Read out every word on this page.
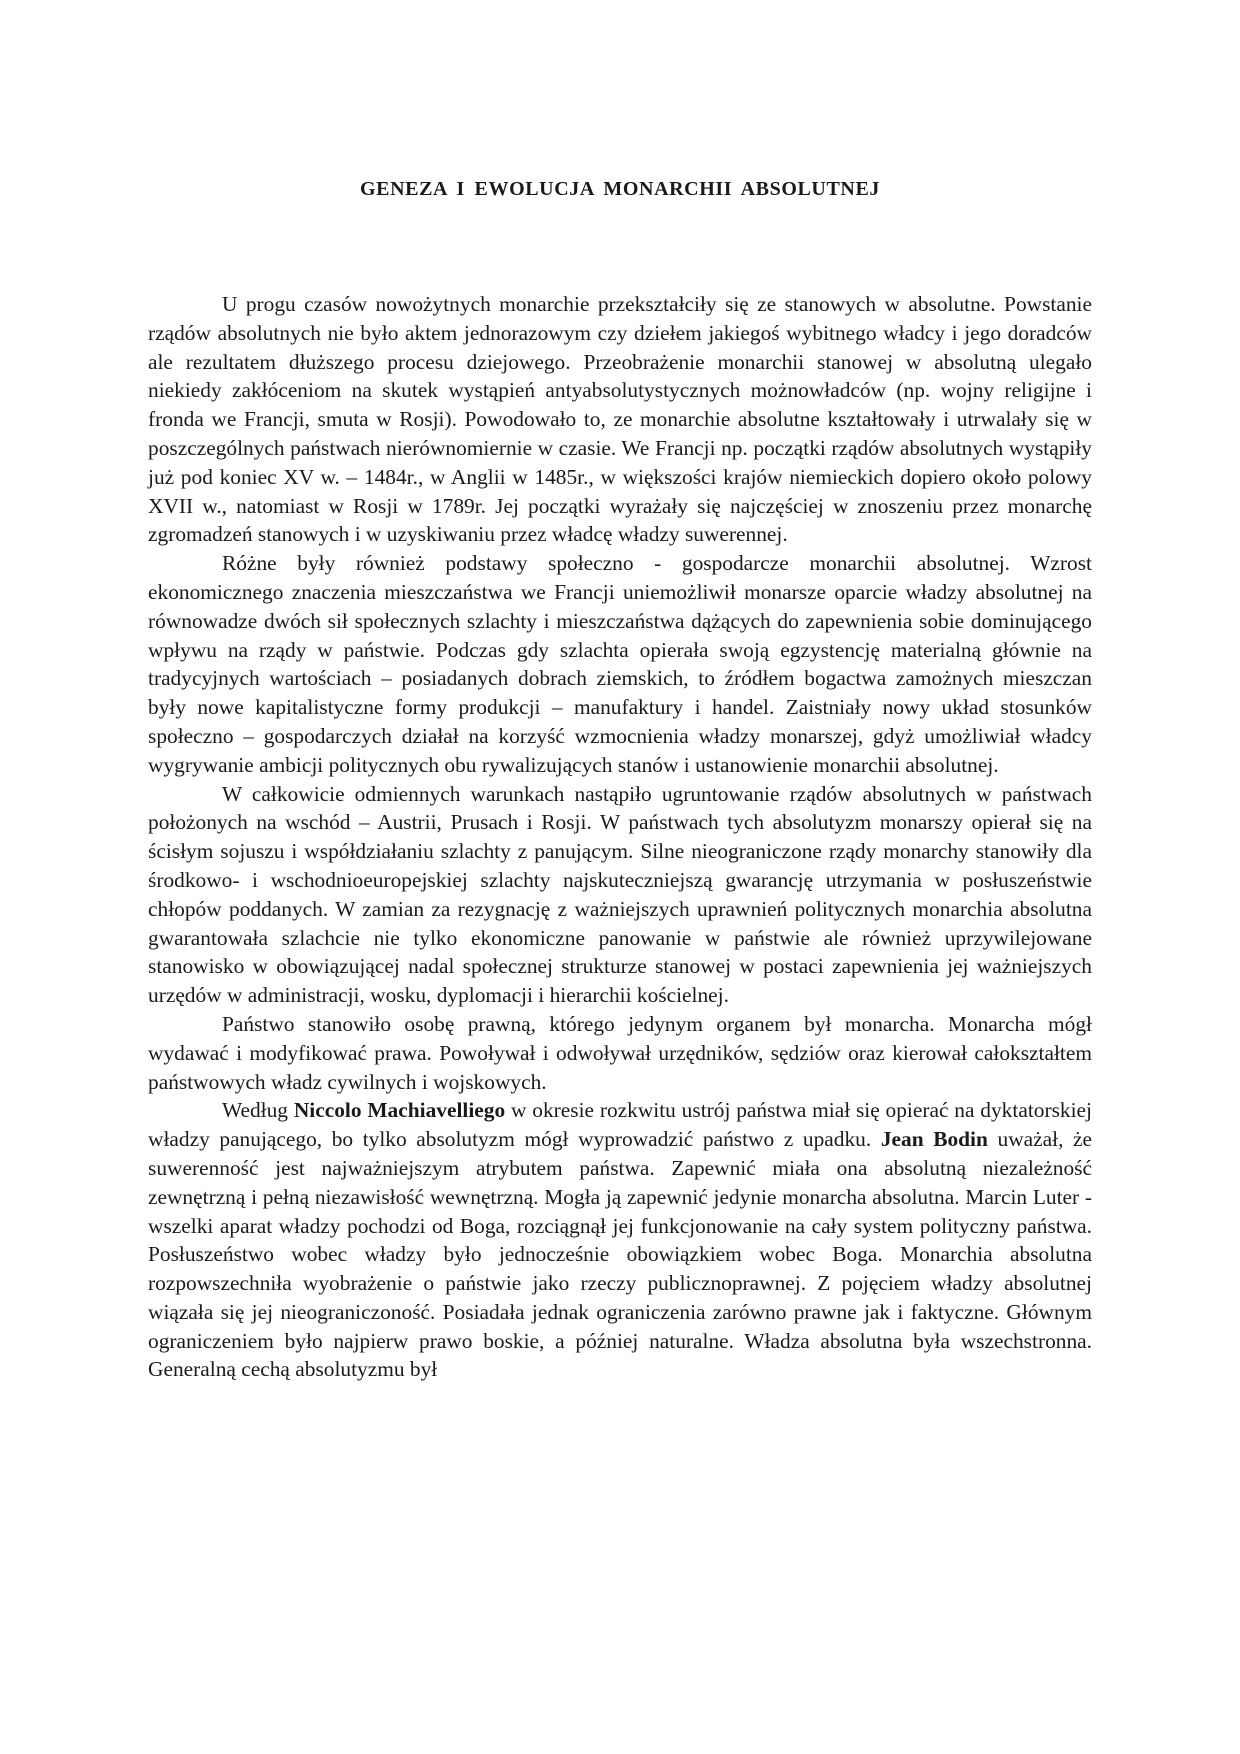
GENEZA I EWOLUCJA MONARCHII ABSOLUTNEJ

U progu czasów nowożytnych monarchie przekształciły się ze stanowych w absolutne. Powstanie rządów absolutnych nie było aktem jednorazowym czy dziełem jakiegoś wybitnego władcy i jego doradców ale rezultatem dłuższego procesu dziejowego. Przeobrażenie monarchii stanowej w absolutną ulegało niekiedy zakłóceniom na skutek wystąpień antyabsolutystycznych możnowładców (np. wojny religijne i fronda we Francji, smuta w Rosji). Powodowało to, ze monarchie absolutne kształtowały i utrwalały się w poszczególnych państwach nierównomiernie w czasie. We Francji np. początki rządów absolutnych wystąpiły już pod koniec XV w. – 1484r., w Anglii w 1485r., w większości krajów niemieckich dopiero około polowy XVII w., natomiast w Rosji w 1789r. Jej początki wyrażały się najczęściej w znoszeniu przez monarchę zgromadzeń stanowych i w uzyskiwaniu przez władcę władzy suwerennej.

Różne były również podstawy społeczno - gospodarcze monarchii absolutnej. Wzrost ekonomicznego znaczenia mieszczaństwa we Francji uniemożliwił monarsze oparcie władzy absolutnej na równowadze dwóch sił społecznych szlachty i mieszczaństwa dążących do zapewnienia sobie dominującego wpływu na rządy w państwie. Podczas gdy szlachta opierała swoją egzystencję materialną głównie na tradycyjnych wartościach – posiadanych dobrach ziemskich, to źródłem bogactwa zamożnych mieszczan były nowe kapitalistyczne formy produkcji – manufaktury i handel. Zaistniały nowy układ stosunków społeczno – gospodarczych działał na korzyść wzmocnienia władzy monarszej, gdyż umożliwiał władcy wygrywanie ambicji politycznych obu rywalizujących stanów i ustanowienie monarchii absolutnej.

W całkowicie odmiennych warunkach nastąpiło ugruntowanie rządów absolutnych w państwach położonych na wschód – Austrii, Prusach i Rosji. W państwach tych absolutyzm monarszy opierał się na ścisłym sojuszu i współdziałaniu szlachty z panującym. Silne nieograniczone rządy monarchy stanowiły dla środkowo- i wschodnioeuropejskiej szlachty najskuteczniejszą gwarancję utrzymania w posłuszeństwie chłopów poddanych. W zamian za rezygnację z ważniejszych uprawnień politycznych monarchia absolutna gwarantowała szlachcie nie tylko ekonomiczne panowanie w państwie ale również uprzywilejowane stanowisko w obowiązującej nadal społecznej strukturze stanowej w postaci zapewnienia jej ważniejszych urzędów w administracji, wosku, dyplomacji i hierarchii kościelnej.

Państwo stanowiło osobę prawną, którego jedynym organem był monarcha. Monarcha mógł wydawać i modyfikować prawa. Powoływał i odwoływał urzędników, sędziów oraz kierował całokształtem państwowych władz cywilnych i wojskowych.

Według Niccolo Machiavelliego w okresie rozkwitu ustrój państwa miał się opierać na dyktatorskiej władzy panującego, bo tylko absolutyzm mógł wyprowadzić państwo z upadku. Jean Bodin uważał, że suwerenność jest najważniejszym atrybutem państwa. Zapewnić miała ona absolutną niezależność zewnętrzną i pełną niezawisłość wewnętrzną. Mogła ją zapewnić jedynie monarcha absolutna. Marcin Luter - wszelki aparat władzy pochodzi od Boga, rozciągnął jej funkcjonowanie na cały system polityczny państwa. Posłuszeństwo wobec władzy było jednocześnie obowiązkiem wobec Boga. Monarchia absolutna rozpowszechniła wyobrażenie o państwie jako rzeczy publicznoprawnej. Z pojęciem władzy absolutnej wiązała się jej nieograniczoność. Posiadała jednak ograniczenia zarówno prawne jak i faktyczne. Głównym ograniczeniem było najpierw prawo boskie, a później naturalne. Władza absolutna była wszechstronna. Generalną cechą absolutyzmu był
